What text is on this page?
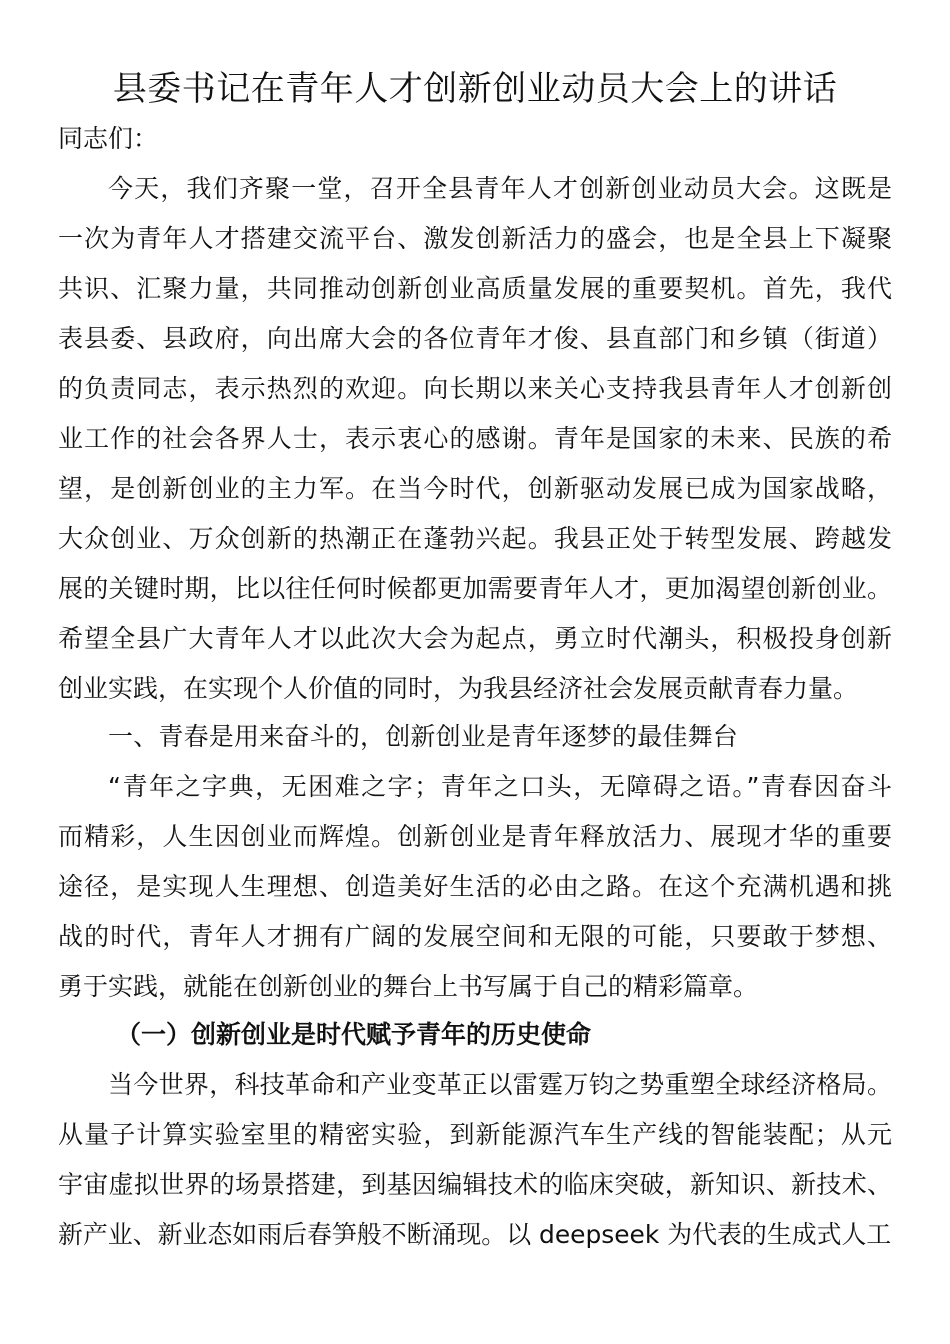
县委书记在青年人才创新创业动员大会上的讲话
同志们：
今天，我们齐聚一堂，召开全县青年人才创新创业动员大会。这既是
一次为青年人才搭建交流平台、激发创新活力的盛会，也是全县上下凝聚
共识、汇聚力量，共同推动创新创业高质量发展的重要契机。首先，我代
表县委、县政府，向出席大会的各位青年才俊、县直部门和乡镇（街道）
的负责同志，表示热烈的欢迎。向长期以来关心支持我县青年人才创新创
业工作的社会各界人士，表示衷心的感谢。青年是国家的未来、民族的希
望，是创新创业的主力军。在当今时代，创新驱动发展已成为国家战略，
大众创业、万众创新的热潮正在蓬勃兴起。我县正处于转型发展、跨越发
展的关键时期，比以往任何时候都更加需要青年人才，更加渴望创新创业。
希望全县广大青年人才以此次大会为起点，勇立时代潮头，积极投身创新
创业实践，在实现个人价值的同时，为我县经济社会发展贡献青春力量。
一、青春是用来奋斗的，创新创业是青年逐梦的最佳舞台
“青年之字典，无困难之字；青年之口头，无障碍之语。”青春因奋斗
而精彩，人生因创业而辉煌。创新创业是青年释放活力、展现才华的重要
途径，是实现人生理想、创造美好生活的必由之路。在这个充满机遇和挑
战的时代，青年人才拥有广阔的发展空间和无限的可能，只要敢于梦想、
勇于实践，就能在创新创业的舞台上书写属于自己的精彩篇章。
（一）创新创业是时代赋予青年的历史使命
当今世界，科技革命和产业变革正以雷霆万钧之势重塑全球经济格局。
从量子计算实验室里的精密实验，到新能源汽车生产线的智能装配；从元
宇宙虚拟世界的场景搭建，到基因编辑技术的临床突破，新知识、新技术、
新产业、新业态如雨后春笋般不断涌现。以 deepseek 为代表的生成式人工
